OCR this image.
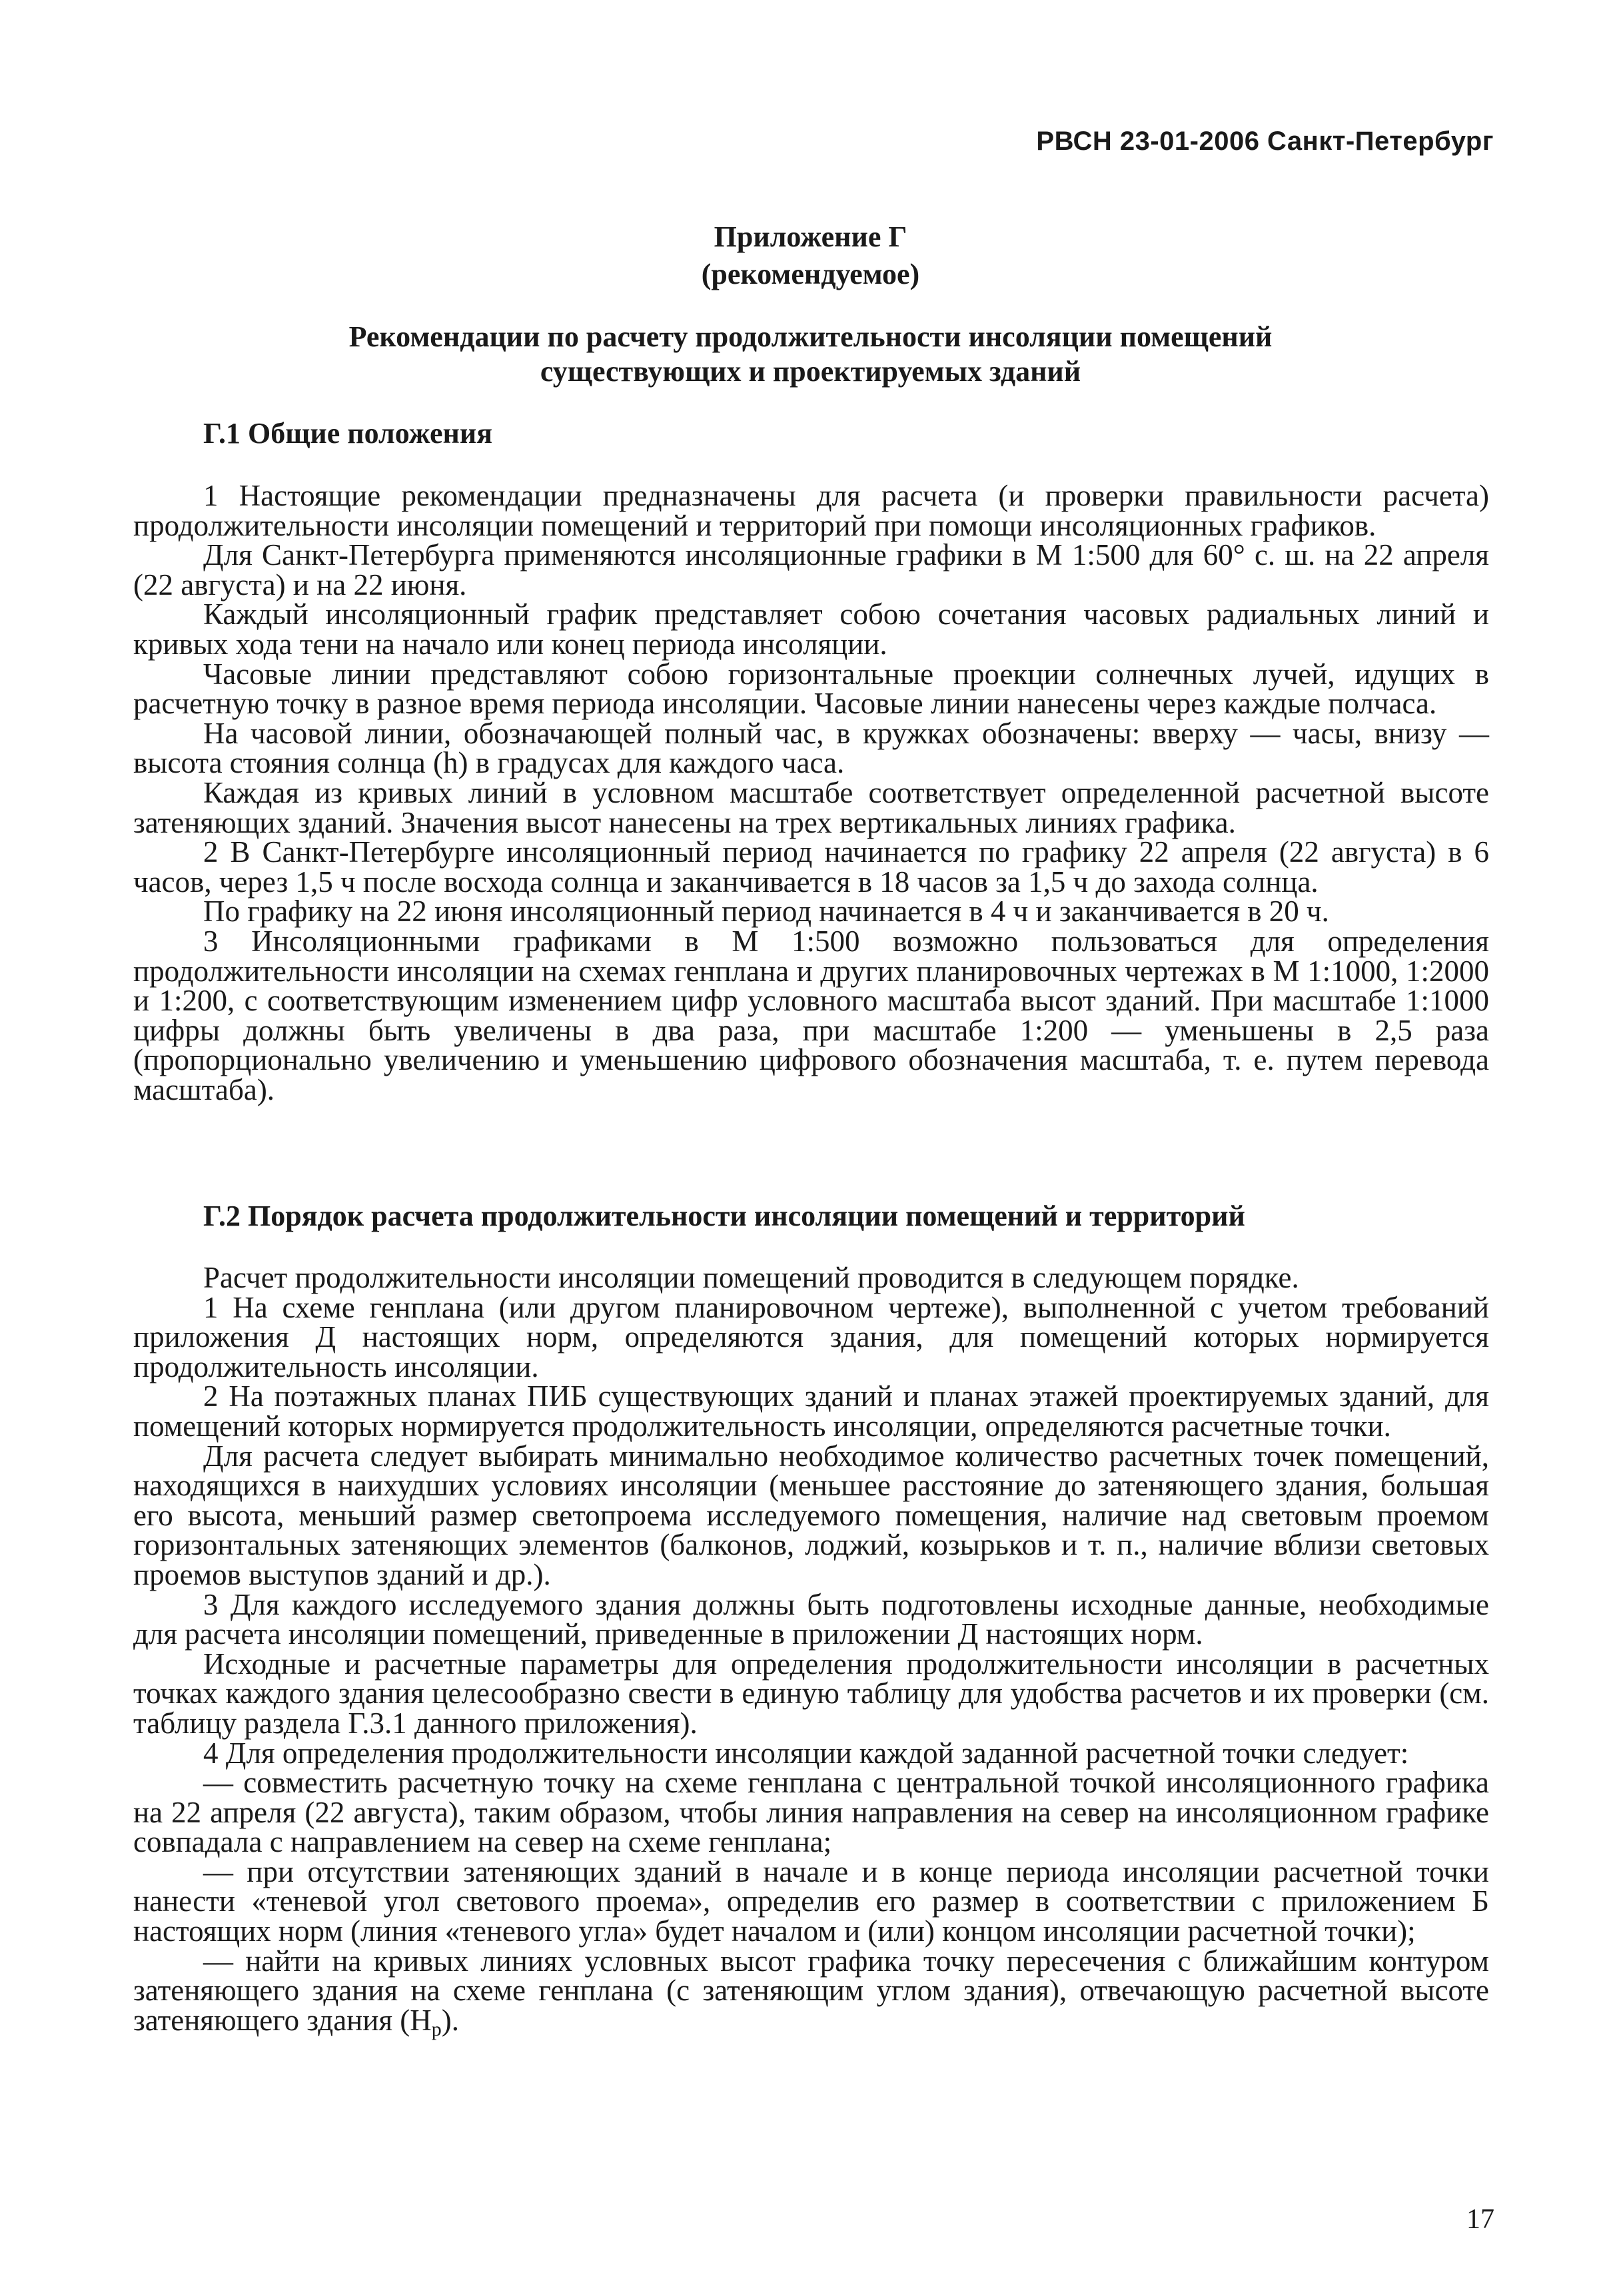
РВСН 23-01-2006 Санкт-Петербург
Приложение Г
(рекомендуемое)
Рекомендации по расчету продолжительности инсоляции помещений
существующих и проектируемых зданий
Г.1 Общие положения

1 Настоящие рекомендации предназначены для расчета (и проверки правильности расчета) продолжительности инсоляции помещений и территорий при помощи инсоляционных графиков.

Для Санкт-Петербурга применяются инсоляционные графики в М 1:500 для 60° с. ш. на 22 апреля (22 августа) и на 22 июня.

Каждый инсоляционный график представляет собою сочетания часовых радиальных линий и кривых хода тени на начало или конец периода инсоляции.

Часовые линии представляют собою горизонтальные проекции солнечных лучей, идущих в расчетную точку в разное время периода инсоляции. Часовые линии нанесены через каждые полчаса.

На часовой линии, обозначающей полный час, в кружках обозначены: вверху — часы, внизу — высота стояния солнца (h) в градусах для каждого часа.

Каждая из кривых линий в условном масштабе соответствует определенной расчетной высоте затеняющих зданий. Значения высот нанесены на трех вертикальных линиях графика.

2 В Санкт-Петербурге инсоляционный период начинается по графику 22 апреля (22 августа) в 6 часов, через 1,5 ч после восхода солнца и заканчивается в 18 часов за 1,5 ч до захода солнца.

По графику на 22 июня инсоляционный период начинается в 4 ч и заканчивается в 20 ч.

3 Инсоляционными графиками в М 1:500 возможно пользоваться для определения продолжительности инсоляции на схемах генплана и других планировочных чертежах в М 1:1000, 1:2000 и 1:200, с соответствующим изменением цифр условного масштаба высот зданий. При масштабе 1:1000 цифры должны быть увеличены в два раза, при масштабе 1:200 — уменьшены в 2,5 раза (пропорционально увеличению и уменьшению цифрового обозначения масштаба, т. е. путем перевода масштаба).

Г.2 Порядок расчета продолжительности инсоляции помещений и территорий

Расчет продолжительности инсоляции помещений проводится в следующем порядке.

1 На схеме генплана (или другом планировочном чертеже), выполненной с учетом требований приложения Д настоящих норм, определяются здания, для помещений которых нормируется продолжительность инсоляции.

2 На поэтажных планах ПИБ существующих зданий и планах этажей проектируемых зданий, для помещений которых нормируется продолжительность инсоляции, определяются расчетные точки.

Для расчета следует выбирать минимально необходимое количество расчетных точек помещений, находящихся в наихудших условиях инсоляции (меньшее расстояние до затеняющего здания, большая его высота, меньший размер светопроема исследуемого помещения, наличие над световым проемом горизонтальных затеняющих элементов (балконов, лоджий, козырьков и т. п., наличие вблизи световых проемов выступов зданий и др.).

3 Для каждого исследуемого здания должны быть подготовлены исходные данные, необходимые для расчета инсоляции помещений, приведенные в приложении Д настоящих норм.

Исходные и расчетные параметры для определения продолжительности инсоляции в расчетных точках каждого здания целесообразно свести в единую таблицу для удобства расчетов и их проверки (см. таблицу раздела Г.3.1 данного приложения).

4 Для определения продолжительности инсоляции каждой заданной расчетной точки следует:

— совместить расчетную точку на схеме генплана с центральной точкой инсоляционного графика на 22 апреля (22 августа), таким образом, чтобы линия направления на север на инсоляционном графике совпадала с направлением на север на схеме генплана;

— при отсутствии затеняющих зданий в начале и в конце периода инсоляции расчетной точки нанести «теневой угол светового проема», определив его размер в соответствии с приложением Б настоящих норм (линия «теневого угла» будет началом и (или) концом инсоляции расчетной точки);

— найти на кривых линиях условных высот графика точку пересечения с ближайшим контуром затеняющего здания на схеме генплана (с затеняющим углом здания), отвечающую расчетной высоте затеняющего здания $(H_р)$.

17
